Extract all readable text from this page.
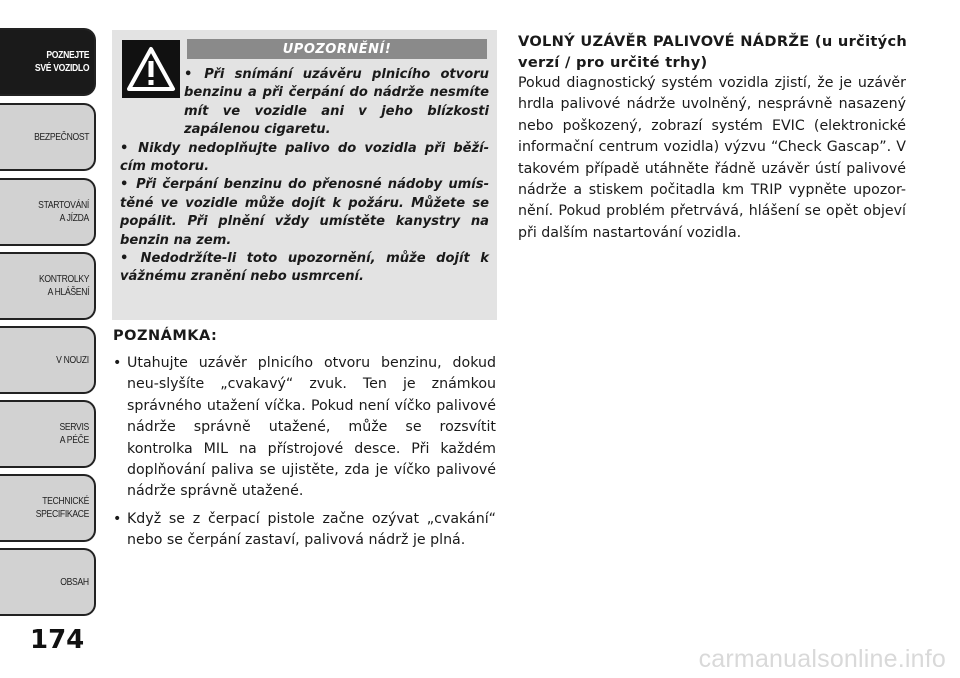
POZNEJTE
SVÉ VOZIDLO
BEZPEČNOST
STARTOVÁNÍ
A JÍZDA
KONTROLKY
A HLÁŠENÍ
V NOUZI
SERVIS
A PÉČE
TECHNICKÉ
SPECIFIKACE
OBSAH
174
UPOZORNĚNÍ!

• Při snímání uzávěru plnicího otvoru benzinu a při čerpání do nádrže nesmíte mít ve vozidle ani v jeho blízkosti zapálenou cigaretu.

• Nikdy nedoplňujte palivo do vozidla při běží-cím motoru.

• Při čerpání benzinu do přenosné nádoby umís-těné ve vozidle může dojít k požáru. Můžete se popálit. Při plnění vždy umístěte kanystry na benzin na zem.

• Nedodržíte-li toto upozornění, může dojít k vážnému zranění nebo usmrcení.

POZNÁMKA:
• Utahujte uzávěr plnicího otvoru benzinu, dokud neu-slyšíte „cvakavý“ zvuk. Ten je známkou správného utažení víčka. Pokud není víčko palivové nádrže správně utažené, může se rozsvítit kontrolka MIL na přístrojové desce. Při každém doplňování paliva se ujistěte, zda je víčko palivové nádrže správně utažené.
• Když se z čerpací pistole začne ozývat „cvakání“ nebo se čerpání zastaví, palivová nádrž je plná.
VOLNÝ UZÁVĚR PALIVOVÉ NÁDRŽE (u určitých verzí / pro určité trhy)
Pokud diagnostický systém vozidla zjistí, že je uzávěr hrdla palivové nádrže uvolněný, nesprávně nasazený nebo poškozený, zobrazí systém EVIC (elektronické informační centrum vozidla) výzvu “Check Gascap”. V takovém případě utáhněte řádně uzávěr ústí palivové nádrže a stiskem počitadla km TRIP vypněte upozor-nění. Pokud problém přetrvává, hlášení se opět objeví při dalším nastartování vozidla.
carmanualsonline.info
